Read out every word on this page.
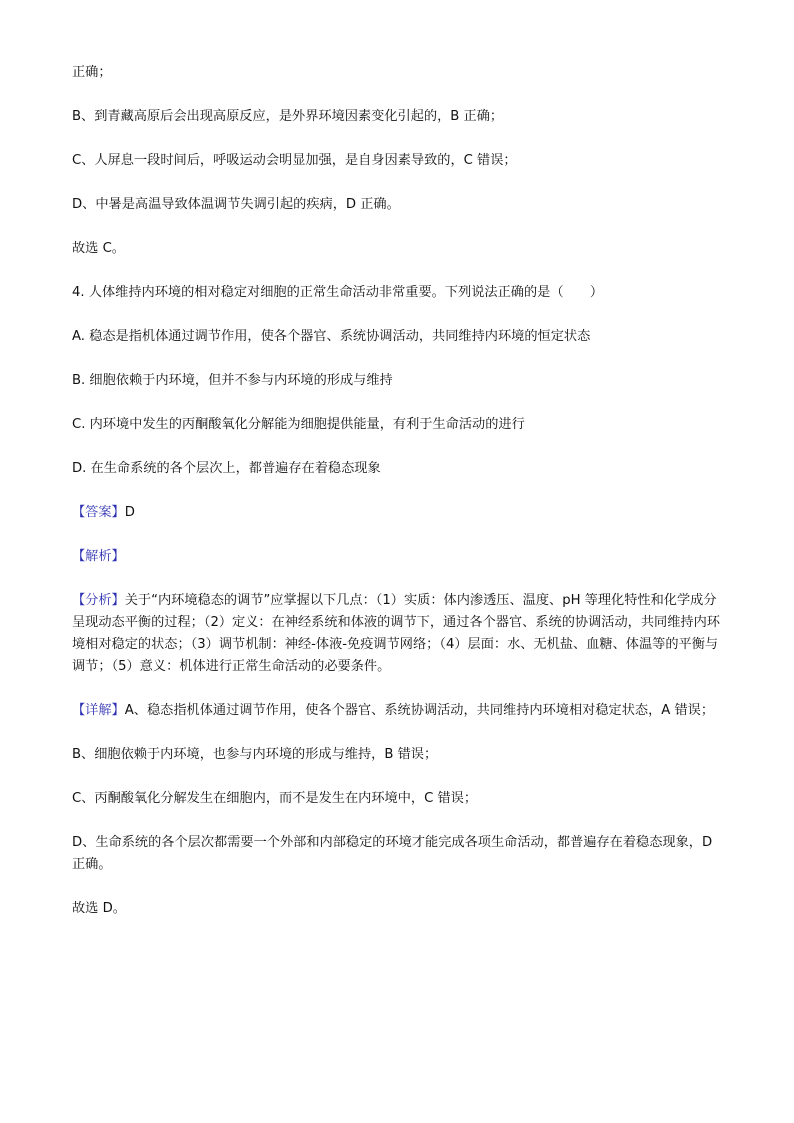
正确；

B、到青藏高原后会出现高原反应，是外界环境因素变化引起的，B 正确；

C、人屏息一段时间后，呼吸运动会明显加强，是自身因素导致的，C 错误；

D、中暑是高温导致体温调节失调引起的疾病，D 正确。

故选 C。

4. 人体维持内环境的相对稳定对细胞的正常生命活动非常重要。下列说法正确的是（　　）

A. 稳态是指机体通过调节作用，使各个器官、系统协调活动，共同维持内环境的恒定状态

B. 细胞依赖于内环境，但并不参与内环境的形成与维持

C. 内环境中发生的丙酮酸氧化分解能为细胞提供能量，有利于生命活动的进行

D. 在生命系统的各个层次上，都普遍存在着稳态现象

【答案】D

【解析】

【分析】关于“内环境稳态的调节”应掌握以下几点：（1）实质：体内渗透压、温度、pH 等理化特性和化学成分呈现动态平衡的过程；（2）定义：在神经系统和体液的调节下，通过各个器官、系统的协调活动，共同维持内环境相对稳定的状态；（3）调节机制：神经-体液-免疫调节网络；（4）层面：水、无机盐、血糖、体温等的平衡与调节；（5）意义：机体进行正常生命活动的必要条件。

【详解】A、稳态指机体通过调节作用，使各个器官、系统协调活动，共同维持内环境相对稳定状态，A 错误；

B、细胞依赖于内环境，也参与内环境的形成与维持，B 错误；

C、丙酮酸氧化分解发生在细胞内，而不是发生在内环境中，C 错误；

D、生命系统的各个层次都需要一个外部和内部稳定的环境才能完成各项生命活动，都普遍存在着稳态现象，D 正确。

故选 D。
